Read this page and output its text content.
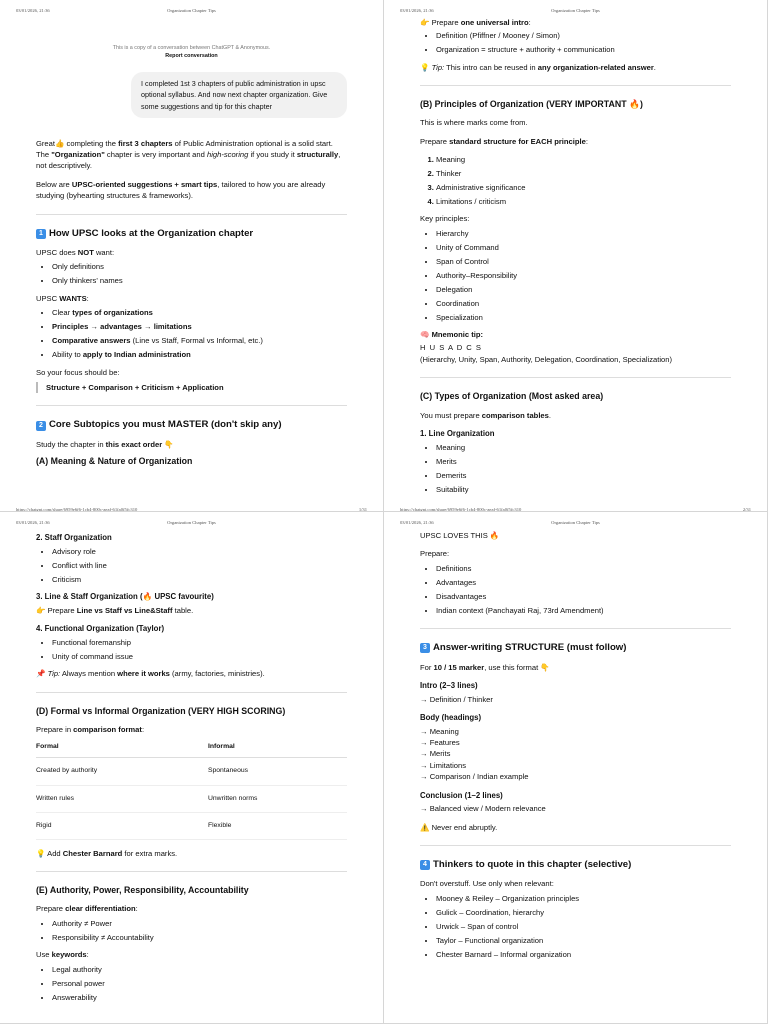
03/01/2026, 21:36	Organization Chapter Tips
This is a copy of a conversation between ChatGPT & Anonymous.
Report conversation
I completed 1st 3 chapters of public administration in upsc optional syllabus. And now next chapter organization. Give some suggestions and tip for this chapter

Great👍 completing the first 3 chapters of Public Administration optional is a solid start.
The "Organization" chapter is very important and high-scoring if you study it structurally, not descriptively.

Below are UPSC-oriented suggestions + smart tips, tailored to how you are already studying (byhearting structures & frameworks).

1 How UPSC looks at the Organization chapter

UPSC does NOT want:

• Only definitions
• Only thinkers' names

UPSC WANTS:

• Clear types of organizations
• Principles → advantages → limitations
• Comparative answers (Line vs Staff, Formal vs Informal, etc.)
• Ability to apply to Indian administration

So your focus should be:

Structure + Comparison + Criticism + Application
2 Core Subtopics you must MASTER (don't skip any)

Study the chapter in this exact order 👇

(A) Meaning & Nature of Organization
https://chatgpt.com/share/6959e6f6-1cb4-800c-aeaf-61fa0f5fc310	1/31
03/01/2026, 21:36	Organization Chapter Tips

👉 Prepare one universal intro:

• Definition (Pfiffner / Mooney / Simon)
• Organization = structure + authority + communication

💡 Tip: This intro can be reused in any organization-related answer.

(B) Principles of Organization (VERY IMPORTANT 🔥)

This is where marks come from.

Prepare standard structure for EACH principle:

1. Meaning
2. Thinker
3. Administrative significance
4. Limitations / criticism

Key principles:

• Hierarchy
• Unity of Command
• Span of Control
• Authority–Responsibility
• Delegation
• Coordination
• Specialization

🧠 Mnemonic tip:

H U S A D C S

(Hierarchy, Unity, Span, Authority, Delegation, Coordination, Specialization)

(C) Types of Organization (Most asked area)

You must prepare comparison tables.

1. Line Organization
• Meaning
• Merits
• Demerits
• Suitability
https://chatgpt.com/share/6959e6f6-1cb4-800c-aeaf-61fa0f5fc310	2/31
03/01/2026, 21:36	Organization Chapter Tips
2. Staff Organization
• Advisory role
• Conflict with line
• Criticism
3. Line & Staff Organization (🔥 UPSC favourite)

👉 Prepare Line vs Staff vs Line&Staff table.

4. Functional Organization (Taylor)
• Functional foremanship
• Unity of command issue

📌 Tip: Always mention where it works (army, factories, ministries).

(D) Formal vs Informal Organization (VERY HIGH SCORING)

Prepare in comparison format:

Formal	Informal
Created by authority	Spontaneous
Written rules	Unwritten norms
Rigid	Flexible

💡 Add Chester Barnard for extra marks.

(E) Authority, Power, Responsibility, Accountability

Prepare clear differentiation:

• Authority ≠ Power
• Responsibility ≠ Accountability

Use keywords:

• Legal authority
• Personal power
• Answerability
03/01/2026, 21:36	Organization Chapter Tips

UPSC LOVES THIS 🔥

Prepare:

• Definitions
• Advantages
• Disadvantages
• Indian context (Panchayati Raj, 73rd Amendment)
3 Answer-writing STRUCTURE (must follow)

For 10 / 15 marker, use this format 👇

Intro (2–3 lines)

→ Definition / Thinker

Body (headings)
→ Meaning
→ Features
→ Merits
→ Limitations
→ Comparison / Indian example
Conclusion (1–2 lines)

→ Balanced view / Modern relevance

⚠️ Never end abruptly.

4 Thinkers to quote in this chapter (selective)

Don't overstuff. Use only when relevant:

• Mooney & Reiley – Organization principles
• Gulick – Coordination, hierarchy
• Urwick – Span of control
• Taylor – Functional organization
• Chester Barnard – Informal organization
